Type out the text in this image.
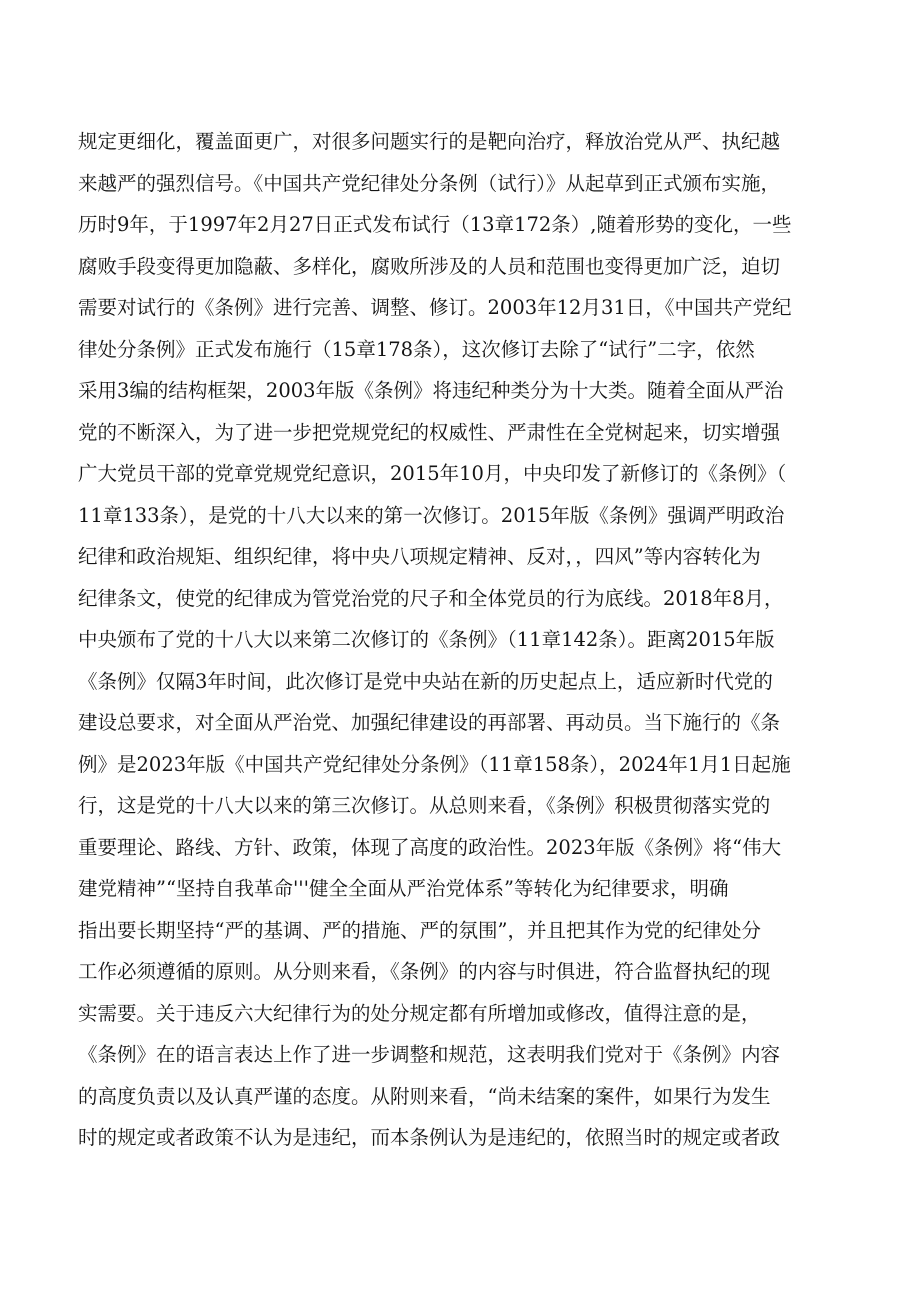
规定更细化，覆盖面更广，对很多问题实行的是靶向治疗，释放治党从严、执纪越
来越严的强烈信号。《中国共产党纪律处分条例（试行）》从起草到正式颁布实施，
历时9年，于1997年2月27日正式发布试行（13章172条）,随着形势的变化，一些
腐败手段变得更加隐蔽、多样化，腐败所涉及的人员和范围也变得更加广泛，迫切
需要对试行的《条例》进行完善、调整、修订。2003年12月31日，《中国共产党纪
律处分条例》正式发布施行（15章178条），这次修订去除了“试行”二字，依然
采用3编的结构框架，2003年版《条例》将违纪种类分为十大类。随着全面从严治
党的不断深入，为了进一步把党规党纪的权威性、严肃性在全党树起来，切实增强
广大党员干部的党章党规党纪意识，2015年10月，中央印发了新修订的《条例》（
11章133条），是党的十八大以来的第一次修订。2015年版《条例》强调严明政治
纪律和政治规矩、组织纪律，将中央八项规定精神、反对，，四风”等内容转化为
纪律条文，使党的纪律成为管党治党的尺子和全体党员的行为底线。2018年8月，
中央颁布了党的十八大以来第二次修订的《条例》（11章142条）。距离2015年版
《条例》仅隔3年时间，此次修订是党中央站在新的历史起点上，适应新时代党的
建设总要求，对全面从严治党、加强纪律建设的再部署、再动员。当下施行的《条
例》是2023年版《中国共产党纪律处分条例》（11章158条），2024年1月1日起施
行，这是党的十八大以来的第三次修订。从总则来看，《条例》积极贯彻落实党的
重要理论、路线、方针、政策，体现了高度的政治性。2023年版《条例》将“伟大
建党精神”“坚持自我革命'''健全全面从严治党体系”等转化为纪律要求，明确
指出要长期坚持“严的基调、严的措施、严的氛围”，并且把其作为党的纪律处分
工作必须遵循的原则。从分则来看，《条例》的内容与时俱进，符合监督执纪的现
实需要。关于违反六大纪律行为的处分规定都有所增加或修改，值得注意的是，
《条例》在的语言表达上作了进一步调整和规范，这表明我们党对于《条例》内容
的高度负责以及认真严谨的态度。从附则来看，“尚未结案的案件，如果行为发生
时的规定或者政策不认为是违纪，而本条例认为是违纪的，依照当时的规定或者政
